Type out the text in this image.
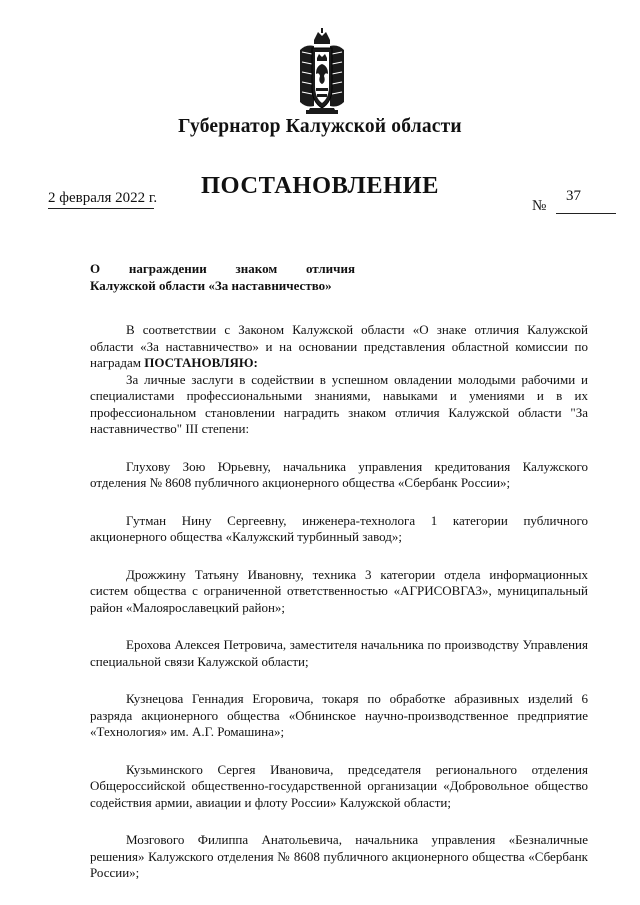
Губернатор Калужской области
ПОСТАНОВЛЕНИЕ
2 февраля 2022 г.	№
37
О награждении знаком отличия
Калужской области «За наставничество»

В соответствии с Законом Калужской области «О знаке отличия Калужской области «За наставничество» и на основании представления областной комиссии по наградам ПОСТАНОВЛЯЮ:

За личные заслуги в содействии в успешном овладении молодыми рабочими и специалистами профессиональными знаниями, навыками и умениями и в их профессиональном становлении наградить знаком отличия Калужской области "За наставничество" III степени:

Глухову Зою Юрьевну, начальника управления кредитования Калужского отделения № 8608 публичного акционерного общества «Сбербанк России»;

Гутман Нину Сергеевну, инженера-технолога 1 категории публичного акционерного общества «Калужский турбинный завод»;

Дрожжину Татьяну Ивановну, техника 3 категории отдела информационных систем общества с ограниченной ответственностью «АГРИСОВГАЗ», муниципальный район «Малоярославецкий район»;

Ерохова Алексея Петровича, заместителя начальника по производству Управления специальной связи Калужской области;

Кузнецова Геннадия Егоровича, токаря по обработке абразивных изделий 6 разряда акционерного общества «Обнинское научно-производственное предприятие «Технология» им. А.Г. Ромашина»;

Кузьминского Сергея Ивановича, председателя регионального отделения Общероссийской общественно-государственной организации «Добровольное общество содействия армии, авиации и флоту России» Калужской области;

Мозгового Филиппа Анатольевича, начальника управления «Безналичные решения» Калужского отделения № 8608 публичного акционерного общества «Сбербанк России»;
